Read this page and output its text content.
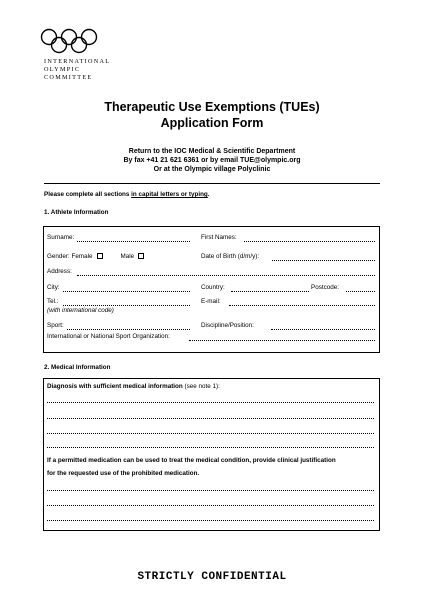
INTERNATIONAL
OLYMPIC
COMMITTEE
Therapeutic Use Exemptions (TUEs)
Application Form
Return to the IOC Medical & Scientific Department
By fax +41 21 621 6361 or by email TUE@olympic.org
Or at the Olympic village Polyclinic
Please complete all sections in capital letters or typing.
1. Athlete Information
Surname:	First Names:
Gender: Female	Male	Date of Birth (d/m/y):
Address:
City:	Country:	Postcode:
Tel.:	E-mail:
(with international code)
Sport:	Discipline/Position:
International or National Sport Organization:
2. Medical Information
Diagnosis with sufficient medical information (see note 1):
If a permitted medication can be used to treat the medical condition, provide clinical justification
for the requested use of the prohibited medication.
STRICTLY CONFIDENTIAL
